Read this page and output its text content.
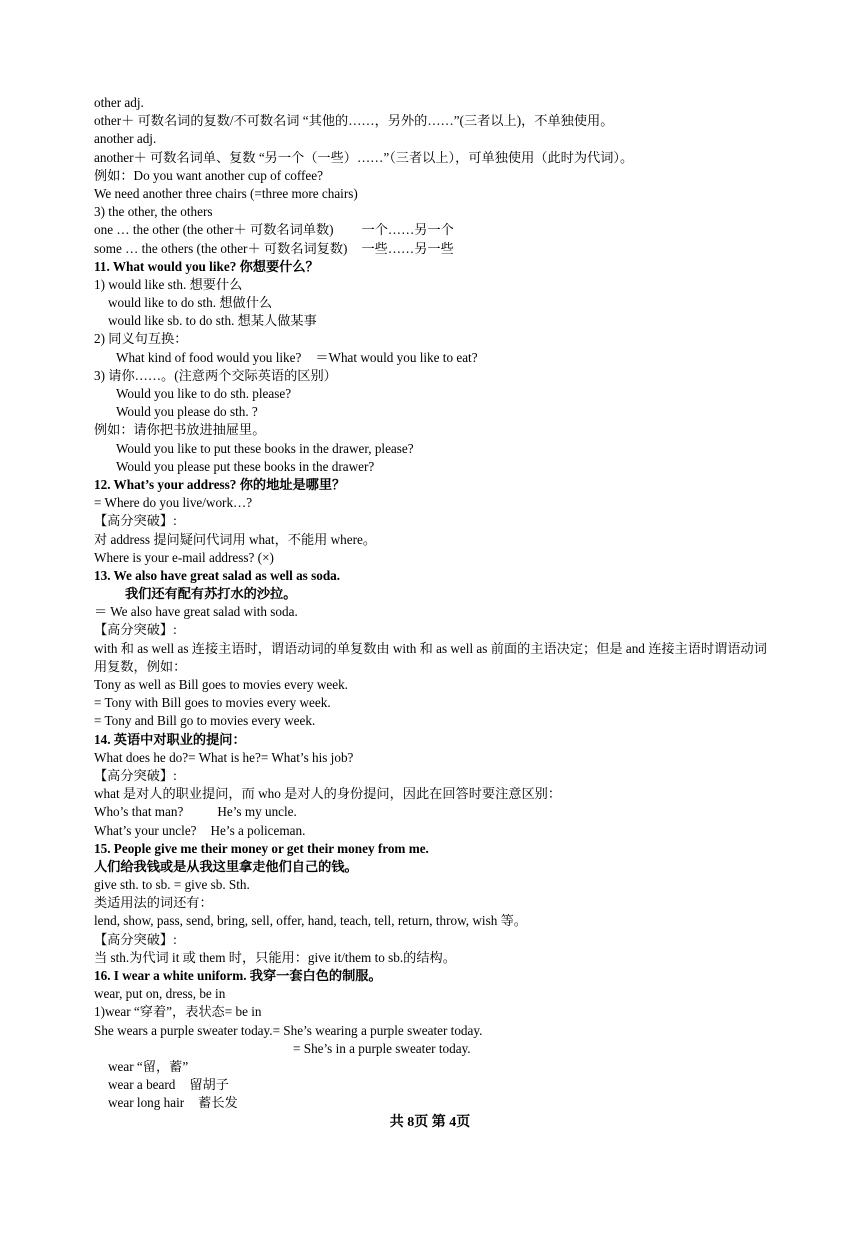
other adj.
other＋ 可数名词的复数/不可数名词 “其他的……，另外的……”(三者以上)，不单独使用。
another adj.
another＋ 可数名词单、复数 “另一个（一些）……”（三者以上），可单独使用（此时为代词）。
例如：Do you want another cup of coffee?
We need another three chairs (=three more chairs)
3) the other, the others
one … the other (the other＋ 可数名词单数) 一个……另一个
some … the others (the other＋ 可数名词复数) 一些……另一些
11. What would you like? 你想要什么？
1) would like sth. 想要什么
would like to do sth. 想做什么
would like sb. to do sth. 想某人做某事
2) 同义句互换：
What kind of food would you like? ＝What would you like to eat?
3) 请你……。(注意两个交际英语的区别）
Would you like to do sth. please?
Would you please do sth. ?
例如：请你把书放进抽屉里。
Would you like to put these books in the drawer, please?
Would you please put these books in the drawer?
12. What’s your address? 你的地址是哪里？
= Where do you live/work…?
【高分突破】:
对 address 提问疑问代词用 what，不能用 where。
Where is your e-mail address? (×)
13. We also have great salad as well as soda.
我们还有配有苏打水的沙拉。
＝ We also have great salad with soda.
【高分突破】:
with 和 as well as 连接主语时，谓语动词的单复数由 with 和 as well as 前面的主语决定；但是 and 连接主语时谓语动词用复数，例如：
Tony as well as Bill goes to movies every week.
= Tony with Bill goes to movies every week.
= Tony and Bill go to movies every week.
14. 英语中对职业的提问：
What does he do?= What is he?= What’s his job?
【高分突破】:
what 是对人的职业提问，而 who 是对人的身份提问，因此在回答时要注意区别：
Who’s that man?	He’s my uncle.
What’s your uncle? He’s a policeman.
15. People give me their money or get their money from me.
人们给我钱或是从我这里拿走他们自己的钱。
give sth. to sb. = give sb. Sth.
类适用法的词还有：
lend, show, pass, send, bring, sell, offer, hand, teach, tell, return, throw, wish 等。
【高分突破】:
当 sth.为代词 it 或 them 时，只能用：give it/them to sb.的结构。
16. I wear a white uniform. 我穿一套白色的制服。
wear, put on, dress, be in
1)wear “穿着”，表状态= be in
She wears a purple sweater today.= She’s wearing a purple sweater today.
= She’s in a purple sweater today.
wear “留，蓄”
wear a beard 留胡子
wear long hair 蓄长发
共 8页 第 4页
